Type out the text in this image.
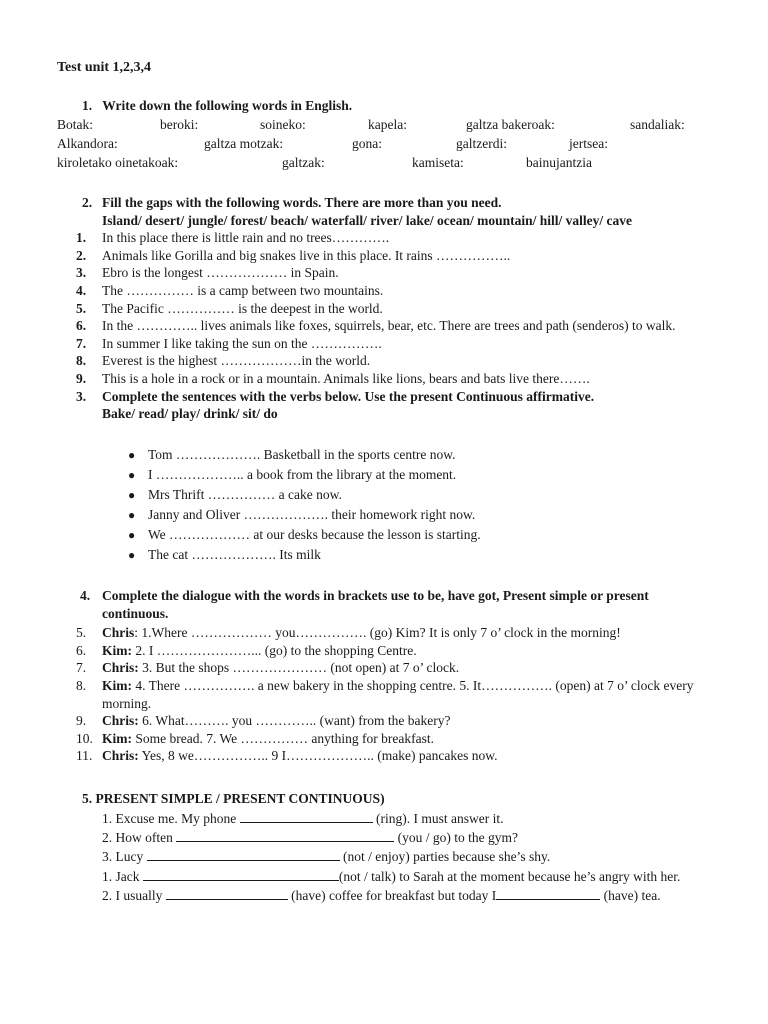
Test unit 1,2,3,4
1. Write down the following words in English.
Botak:	beroki:	soineko:	kapela:	galtza bakeroak:	sandaliak:
Alkandora:	galtza motzak:	gona:	galtzerdi:	jertsea:
kiroletako oinetakoak:	galtzak:	kamiseta:	bainujantzia
2. Fill the gaps with the following words. There are more than you need.
Island/ desert/ jungle/ forest/ beach/ waterfall/ river/ lake/ ocean/ mountain/ hill/ valley/ cave
1.	In this place there is little rain and no trees………….
2.	Animals like Gorilla and big snakes live in this place. It rains ……………..
3.	Ebro is the longest ……………… in Spain.
4.	The …………… is a camp between two mountains.
5.	The Pacific …………… is the deepest in the world.
6.	In the ………….. lives animals like foxes, squirrels, bear, etc. There are trees and path (senderos) to walk.
7.	In summer I like taking the sun on the …………….
8.	Everest is the highest ………………in the world.
9.	This is a hole in a rock or in a mountain. Animals like lions, bears and bats live there…….
3.	Complete the sentences with the verbs below. Use the present Continuous affirmative.
Bake/ read/ play/ drink/ sit/ do
● Tom ………………. Basketball in the sports centre now.
● I ……………….. a book from the library at the moment.
● Mrs Thrift …………… a cake now.
● Janny and Oliver ………………. their homework right now.
● We ……………… at our desks because the lesson is starting.
● The cat ………………. Its milk
4. Complete the dialogue with the words in brackets use to be, have got, Present simple or present continuous.
5.	Chris: 1.Where ……………… you……………. (go) Kim? It is only 7 o’ clock in the morning!
6.	Kim: 2. I …………………... (go) to the shopping Centre.
7.	Chris: 3. But the shops ………………… (not open) at 7 o’ clock.
8.	Kim: 4. There ……………. a new bakery in the shopping centre. 5. It……………. (open) at 7 o’ clock every morning.
9.	Chris: 6. What………. you ………….. (want) from the bakery?
10. Kim: Some bread. 7. We …………… anything for breakfast.
11. Chris: Yes, 8 we…………….. 9 I……………….. (make) pancakes now.
5. PRESENT SIMPLE / PRESENT CONTINUOUS)
1. Excuse me. My phone	(ring). I must answer it.
2. How often	(you / go) to the gym?
3. Lucy	(not / enjoy) parties because she’s shy.
1. Jack	(not / talk) to Sarah at the moment because he’s angry with her.
2. I usually	(have) coffee for breakfast but today I	(have) tea.
